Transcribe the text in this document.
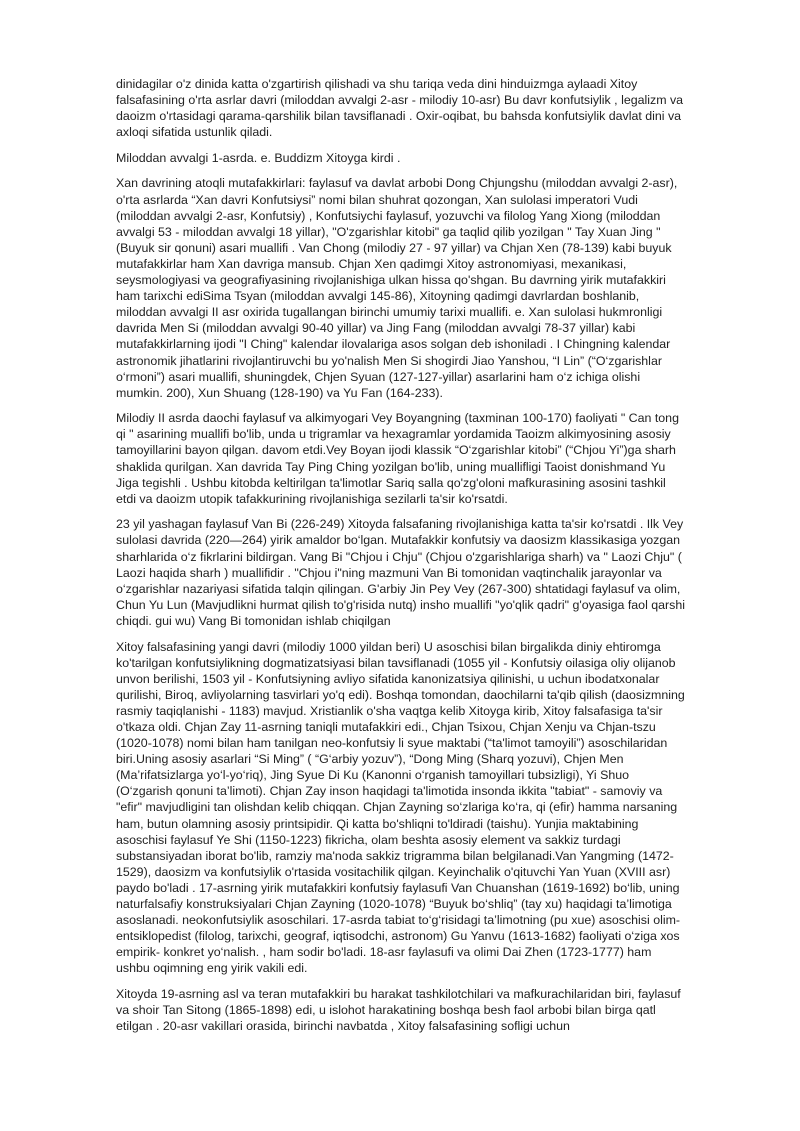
dinidagilar o'z dinida katta o'zgartirish qilishadi va shu tariqa veda dini hinduizmga aylaadi Xitoy falsafasining o'rta asrlar davri (miloddan avvalgi 2-asr - milodiy 10-asr) Bu davr konfutsiylik , legalizm va daoizm o'rtasidagi qarama-qarshilik bilan tavsiflanadi . Oxir-oqibat, bu bahsda konfutsiylik davlat dini va axloqi sifatida ustunlik qiladi.

Miloddan avvalgi 1-asrda. e. Buddizm Xitoyga kirdi .

Xan davrining atoqli mutafakkirlari: faylasuf va davlat arbobi Dong Chjungshu (miloddan avvalgi 2-asr), o'rta asrlarda “Xan davri Konfutsiysi” nomi bilan shuhrat qozongan, Xan sulolasi imperatori Vudi (miloddan avvalgi 2-asr, Konfutsiy) , Konfutsiychi faylasuf, yozuvchi va filolog Yang Xiong (miloddan avvalgi 53 - miloddan avvalgi 18 yillar), "O'zgarishlar kitobi" ga taqlid qilib yozilgan " Tay Xuan Jing " (Buyuk sir qonuni) asari muallifi . Van Chong (milodiy 27 - 97 yillar) va Chjan Xen (78-139) kabi buyuk mutafakkirlar ham Xan davriga mansub. Chjan Xen qadimgi Xitoy astronomiyasi, mexanikasi, seysmologiyasi va geografiyasining rivojlanishiga ulkan hissa qo'shgan. Bu davrning yirik mutafakkiri ham tarixchi ediSima Tsyan (miloddan avvalgi 145-86), Xitoyning qadimgi davrlardan boshlanib, miloddan avvalgi II asr oxirida tugallangan birinchi umumiy tarixi muallifi. e. Xan sulolasi hukmronligi davrida Men Si (miloddan avvalgi 90-40 yillar) va Jing Fang (miloddan avvalgi 78-37 yillar) kabi mutafakkirlarning ijodi "I Ching" kalendar ilovalariga asos solgan deb ishoniladi . I Chingning kalendar astronomik jihatlarini rivojlantiruvchi bu yo'nalish Men Si shogirdi Jiao Yanshou, “I Lin” (“O‘zgarishlar o‘rmoni”) asari muallifi, shuningdek, Chjen Syuan (127-127-yillar) asarlarini ham o‘z ichiga olishi mumkin. 200), Xun Shuang (128-190) va Yu Fan (164-233).

Milodiy II asrda daochi faylasuf va alkimyogari Vey Boyangning (taxminan 100-170) faoliyati " Can tong qi " asarining muallifi bo'lib, unda u trigramlar va hexagramlar yordamida Taoizm alkimyosining asosiy tamoyillarini bayon qilgan. davom etdi.Vey Boyan ijodi klassik “O‘zgarishlar kitobi” (“Chjou Yi”)ga sharh shaklida qurilgan. Xan davrida Tay Ping Ching yozilgan bo'lib, uning muallifligi Taoist donishmand Yu Jiga tegishli . Ushbu kitobda keltirilgan ta'limotlar Sariq salla qo'zg'oloni mafkurasining asosini tashkil etdi va daoizm utopik tafakkurining rivojlanishiga sezilarli ta'sir ko'rsatdi.

23 yil yashagan faylasuf Van Bi (226-249) Xitoyda falsafaning rivojlanishiga katta ta'sir ko'rsatdi . Ilk Vey sulolasi davrida (220—264) yirik amaldor bo‘lgan. Mutafakkir konfutsiy va daosizm klassikasiga yozgan sharhlarida o‘z fikrlarini bildirgan. Vang Bi "Chjou i Chju" (Chjou o'zgarishlariga sharh) va " Laozi Chju" ( Laozi haqida sharh ) muallifidir . "Chjou i"ning mazmuni Van Bi tomonidan vaqtinchalik jarayonlar va o‘zgarishlar nazariyasi sifatida talqin qilingan. G'arbiy Jin Pey Vey (267-300) shtatidagi faylasuf va olim, Chun Yu Lun (Mavjudlikni hurmat qilish to'g'risida nutq) insho muallifi "yo'qlik qadri" g'oyasiga faol qarshi chiqdi. gui wu) Vang Bi tomonidan ishlab chiqilgan

Xitoy falsafasining yangi davri (milodiy 1000 yildan beri) U asoschisi bilan birgalikda diniy ehtiromga ko'tarilgan konfutsiylikning dogmatizatsiyasi bilan tavsiflanadi (1055 yil - Konfutsiy oilasiga oliy olijanob unvon berilishi, 1503 yil - Konfutsiyning avliyo sifatida kanonizatsiya qilinishi, u uchun ibodatxonalar qurilishi, Biroq, avliyolarning tasvirlari yo'q edi). Boshqa tomondan, daochilarni ta'qib qilish (daosizmning rasmiy taqiqlanishi - 1183) mavjud. Xristianlik o'sha vaqtga kelib Xitoyga kirib, Xitoy falsafasiga ta'sir o'tkaza oldi. Chjan Zay 11-asrning taniqli mutafakkiri edi., Chjan Tsixou, Chjan Xenju va Chjan-tszu (1020-1078) nomi bilan ham tanilgan neo-konfutsiy li syue maktabi (“ta'limot tamoyili”) asoschilaridan biri.Uning asosiy asarlari “Si Ming” ( “G‘arbiy yozuv”), “Dong Ming (Sharq yozuvi), Chjen Men (Ma’rifatsizlarga yo‘l-yo‘riq), Jing Syue Di Ku (Kanonni o‘rganish tamoyillari tubsizligi), Yi Shuo (O‘zgarish qonuni ta’limoti). Chjan Zay inson haqidagi ta'limotida insonda ikkita "tabiat" - samoviy va "efir" mavjudligini tan olishdan kelib chiqqan. Chjan Zayning so‘zlariga ko‘ra, qi (efir) hamma narsaning ham, butun olamning asosiy printsipidir. Qi katta bo'shliqni to'ldiradi (taishu). Yunjia maktabining asoschisi faylasuf Ye Shi (1150-1223) fikricha, olam beshta asosiy element va sakkiz turdagi substansiyadan iborat bo'lib, ramziy ma'noda sakkiz trigramma bilan belgilanadi.Van Yangming (1472-1529), daosizm va konfutsiylik o'rtasida vositachilik qilgan. Keyinchalik o'qituvchi Yan Yuan (XVIII asr) paydo bo'ladi . 17-asrning yirik mutafakkiri konfutsiy faylasufi Van Chuanshan (1619-1692) bo‘lib, uning naturfalsafiy konstruksiyalari Chjan Zayning (1020-1078) “Buyuk bo‘shliq” (tay xu) haqidagi ta’limotiga asoslanadi. neokonfutsiylik asoschilari. 17-asrda tabiat to‘g‘risidagi ta’limotning (pu xue) asoschisi olim-entsiklopedist (filolog, tarixchi, geograf, iqtisodchi, astronom) Gu Yanvu (1613-1682) faoliyati o‘ziga xos empirik- konkret yo‘nalish. , ham sodir bo'ladi. 18-asr faylasufi va olimi Dai Zhen (1723-1777) ham ushbu oqimning eng yirik vakili edi.

Xitoyda 19-asrning asl va teran mutafakkiri bu harakat tashkilotchilari va mafkurachilaridan biri, faylasuf va shoir Tan Sitong (1865-1898) edi, u islohot harakatining boshqa besh faol arbobi bilan birga qatl etilgan . 20-asr vakillari orasida, birinchi navbatda , Xitoy falsafasining sofligi uchun
